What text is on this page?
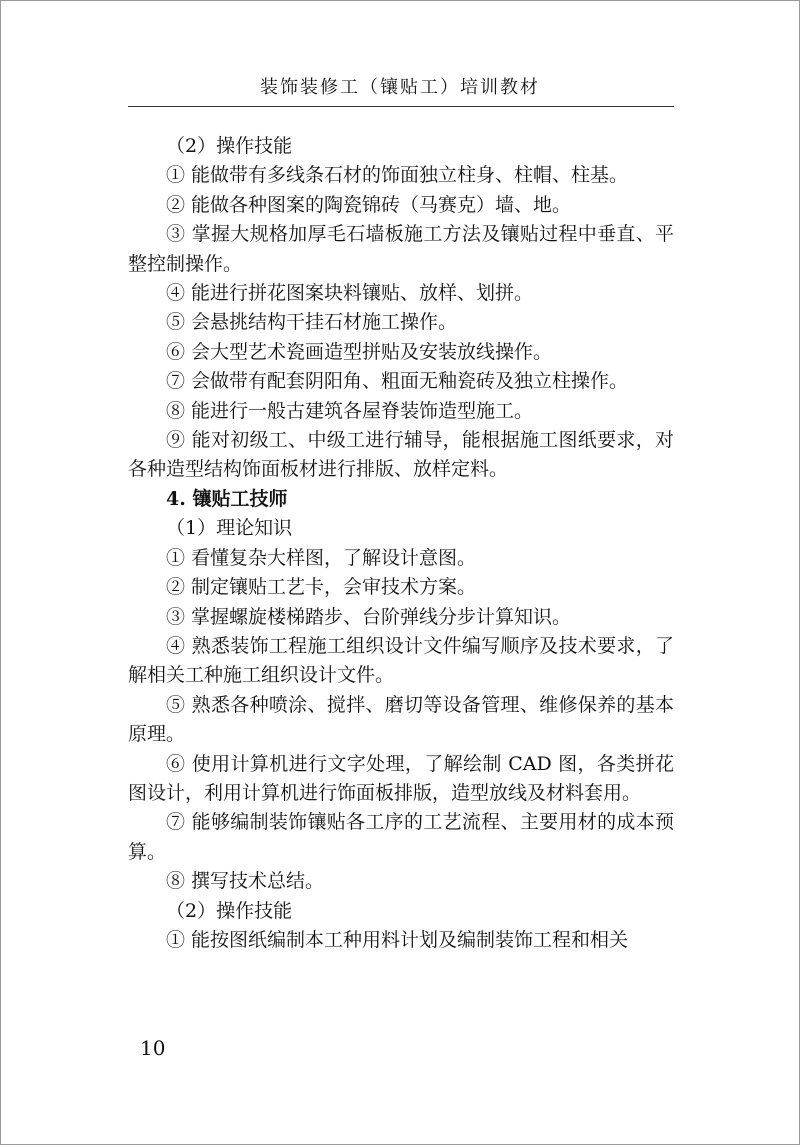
装饰装修工（镶贴工）培训教材

（2）操作技能

① 能做带有多线条石材的饰面独立柱身、柱帽、柱基。

② 能做各种图案的陶瓷锦砖（马赛克）墙、地。

③ 掌握大规格加厚毛石墙板施工方法及镶贴过程中垂直、平整控制操作。

④ 能进行拼花图案块料镶贴、放样、划拼。

⑤ 会悬挑结构干挂石材施工操作。

⑥ 会大型艺术瓷画造型拼贴及安装放线操作。

⑦ 会做带有配套阴阳角、粗面无釉瓷砖及独立柱操作。

⑧ 能进行一般古建筑各屋脊装饰造型施工。

⑨ 能对初级工、中级工进行辅导，能根据施工图纸要求，对各种造型结构饰面板材进行排版、放样定料。

4. 镶贴工技师

（1）理论知识

① 看懂复杂大样图，了解设计意图。

② 制定镶贴工艺卡，会审技术方案。

③ 掌握螺旋楼梯踏步、台阶弹线分步计算知识。

④ 熟悉装饰工程施工组织设计文件编写顺序及技术要求，了解相关工种施工组织设计文件。

⑤ 熟悉各种喷涂、搅拌、磨切等设备管理、维修保养的基本原理。

⑥ 使用计算机进行文字处理，了解绘制 CAD 图，各类拼花图设计，利用计算机进行饰面板排版，造型放线及材料套用。

⑦ 能够编制装饰镶贴各工序的工艺流程、主要用材的成本预算。

⑧ 撰写技术总结。

（2）操作技能

① 能按图纸编制本工种用料计划及编制装饰工程和相关

10
